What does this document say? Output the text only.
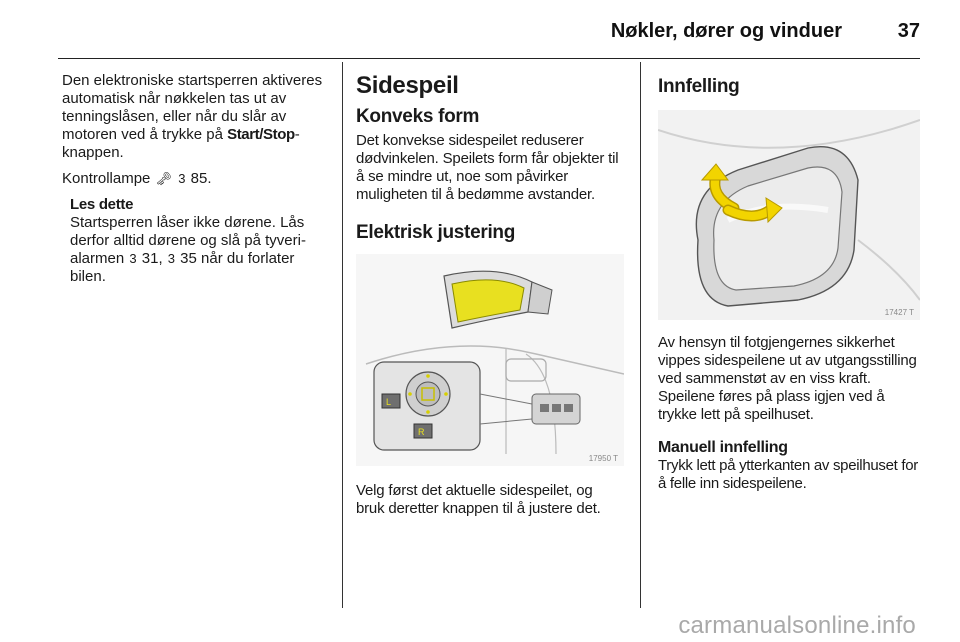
Nøkler, dører og vinduer	37

Den elektroniske startsperren aktiveres automatisk når nøkkelen tas ut av tenningslåsen, eller når du slår av motoren ved å trykke på Start/Stop-knappen.

Kontrollampe 🗝 3 85.

Les dette

Startsperren låser ikke dørene. Lås derfor alltid dørene og slå på tyverialarmen 3 31, 3 35 når du forlater bilen.

Sidespeil
Konveks form

Det konvekse sidespeilet reduserer dødvinkelen. Speilets form får objekter til å se mindre ut, noe som påvirker muligheten til å bedømme avstander.

Elektrisk justering
L
R
17950 T

Velg først det aktuelle sidespeilet, og bruk deretter knappen til å justere det.

Innfelling
17427 T

Av hensyn til fotgjengernes sikkerhet vippes sidespeilene ut av utgangsstilling ved sammenstøt av en viss kraft. Speilene føres på plass igjen ved å trykke lett på speilhuset.

Manuell innfelling

Trykk lett på ytterkanten av speilhuset for å felle inn sidespeilene.

carmanualsonline.info
